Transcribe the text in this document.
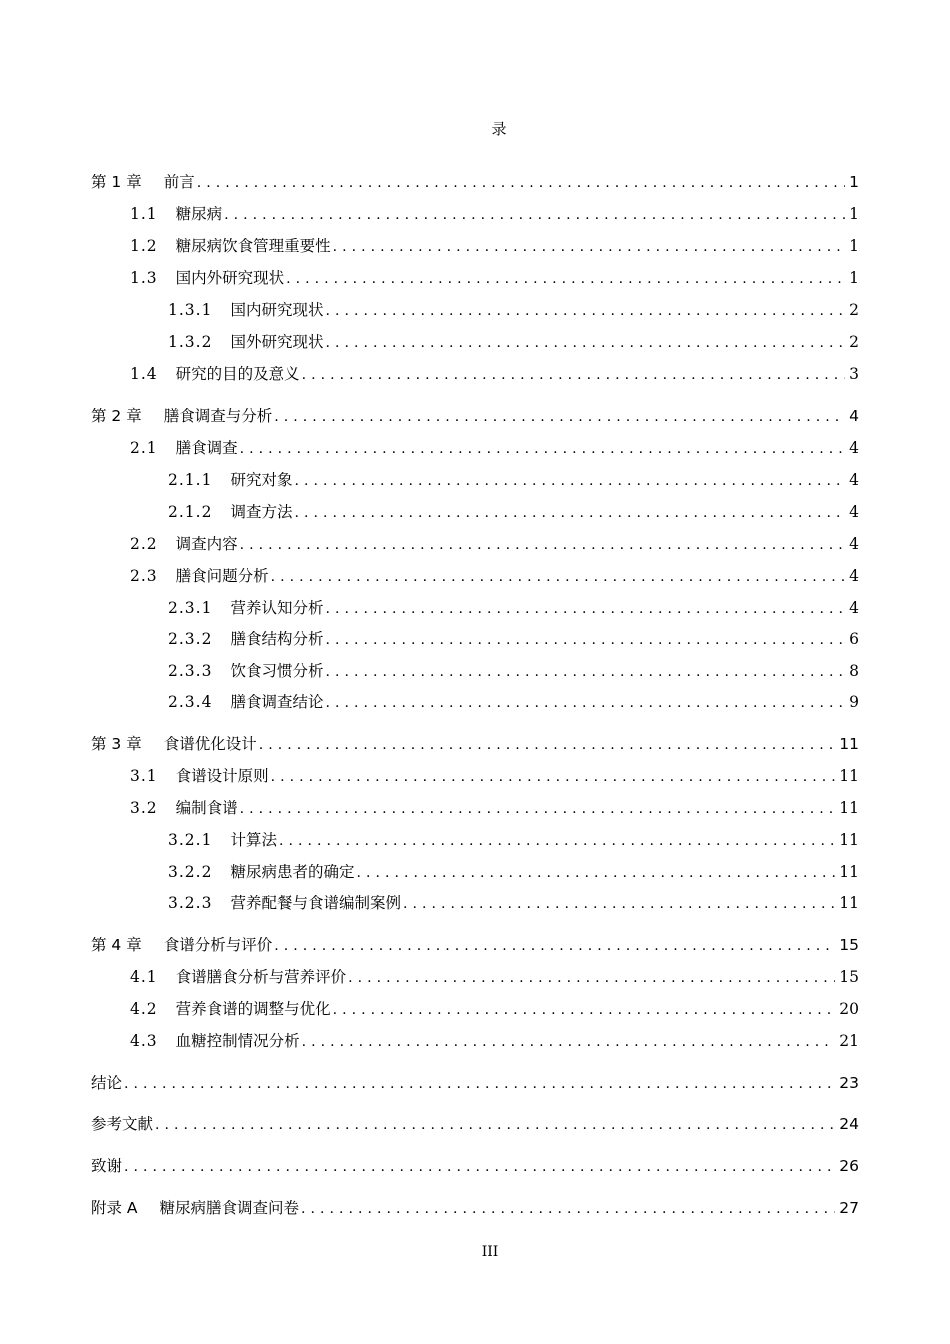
录
第 1 章 前言 . . .	1
1.1 糖尿病 . . .	1
1.2 糖尿病饮食管理重要性 . . .	1
1.3 国内外研究现状 . . .	1
1.3.1 国内研究现状 . . .	2
1.3.2 国外研究现状 . . .	2
1.4 研究的目的及意义 . . .	3
第 2 章 膳食调查与分析 . . .	4
2.1 膳食调查 . . .	4
2.1.1 研究对象 . . .	4
2.1.2 调查方法 . . .	4
2.2 调查内容 . . .	4
2.3 膳食问题分析 . . .	4
2.3.1 营养认知分析 . . .	4
2.3.2 膳食结构分析 . . .	6
2.3.3 饮食习惯分析 . . .	8
2.3.4 膳食调查结论 . . .	9
第 3 章 食谱优化设计 . . .	11
3.1 食谱设计原则 . . .	11
3.2 编制食谱 . . .	11
3.2.1 计算法 . . .	11
3.2.2 糖尿病患者的确定 . . .	11
3.2.3 营养配餐与食谱编制案例 . . .	11
第 4 章 食谱分析与评价 . . .	15
4.1 食谱膳食分析与营养评价 . . .	15
4.2 营养食谱的调整与优化 . . .	20
4.3 血糖控制情况分析 . . .	21
结论 . . .	23
参考文献 . . .	24
致谢 . . .	26
附录 A 糖尿病膳食调查问卷 . . .	27
III
